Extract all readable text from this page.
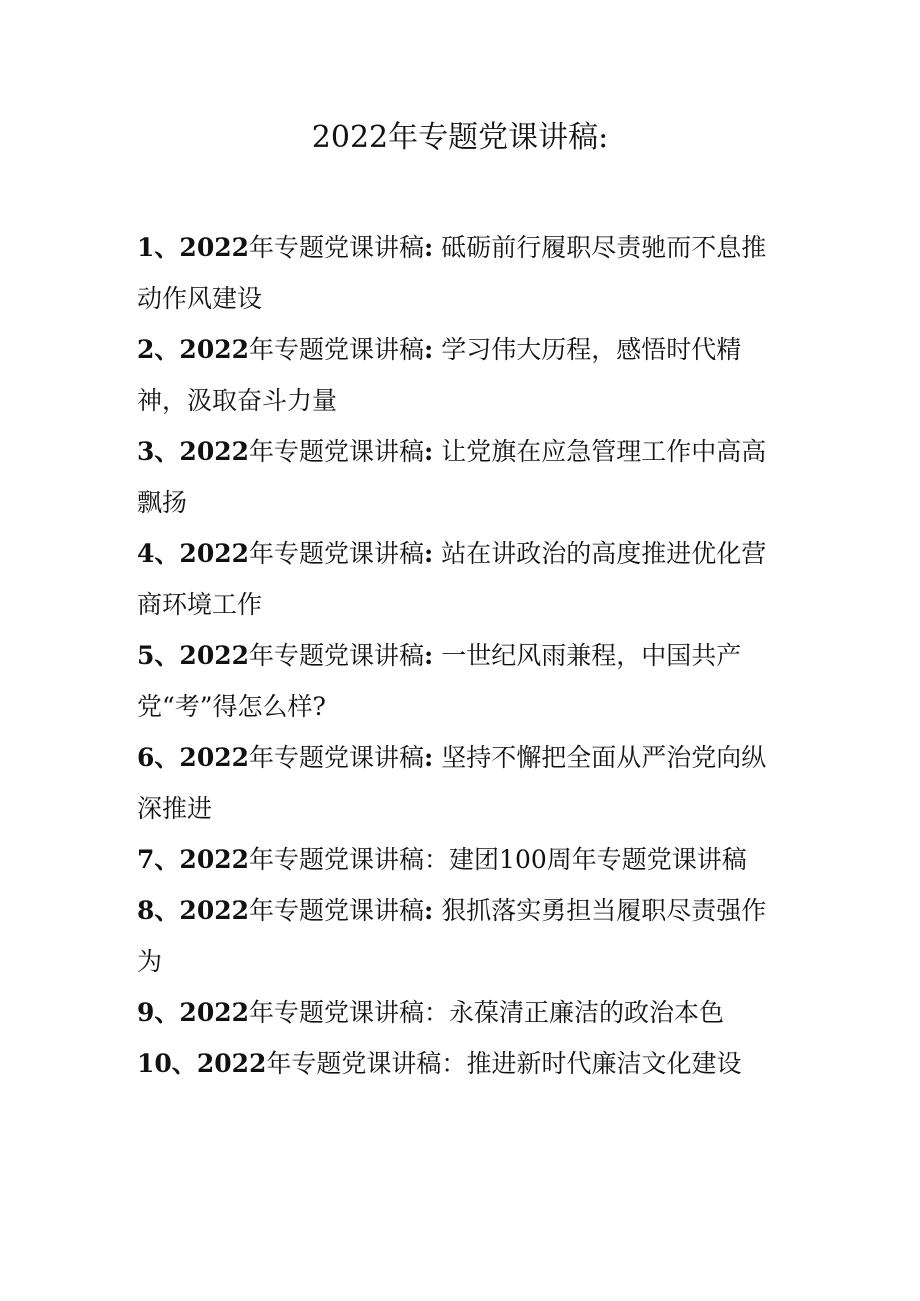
2022年专题党课讲稿:

1、2022年专题党课讲稿: 砥砺前行履职尽责驰而不息推动作风建设

2、2022年专题党课讲稿: 学习伟大历程，感悟时代精神，汲取奋斗力量

3、2022年专题党课讲稿: 让党旗在应急管理工作中高高飘扬

4、2022年专题党课讲稿: 站在讲政治的高度推进优化营商环境工作

5、2022年专题党课讲稿: 一世纪风雨兼程，中国共产党“考”得怎么样?

6、2022年专题党课讲稿: 坚持不懈把全面从严治党向纵深推进

7、2022年专题党课讲稿：建团100周年专题党课讲稿

8、2022年专题党课讲稿: 狠抓落实勇担当履职尽责强作为

9、2022年专题党课讲稿：永葆清正廉洁的政治本色

10、2022年专题党课讲稿：推进新时代廉洁文化建设
